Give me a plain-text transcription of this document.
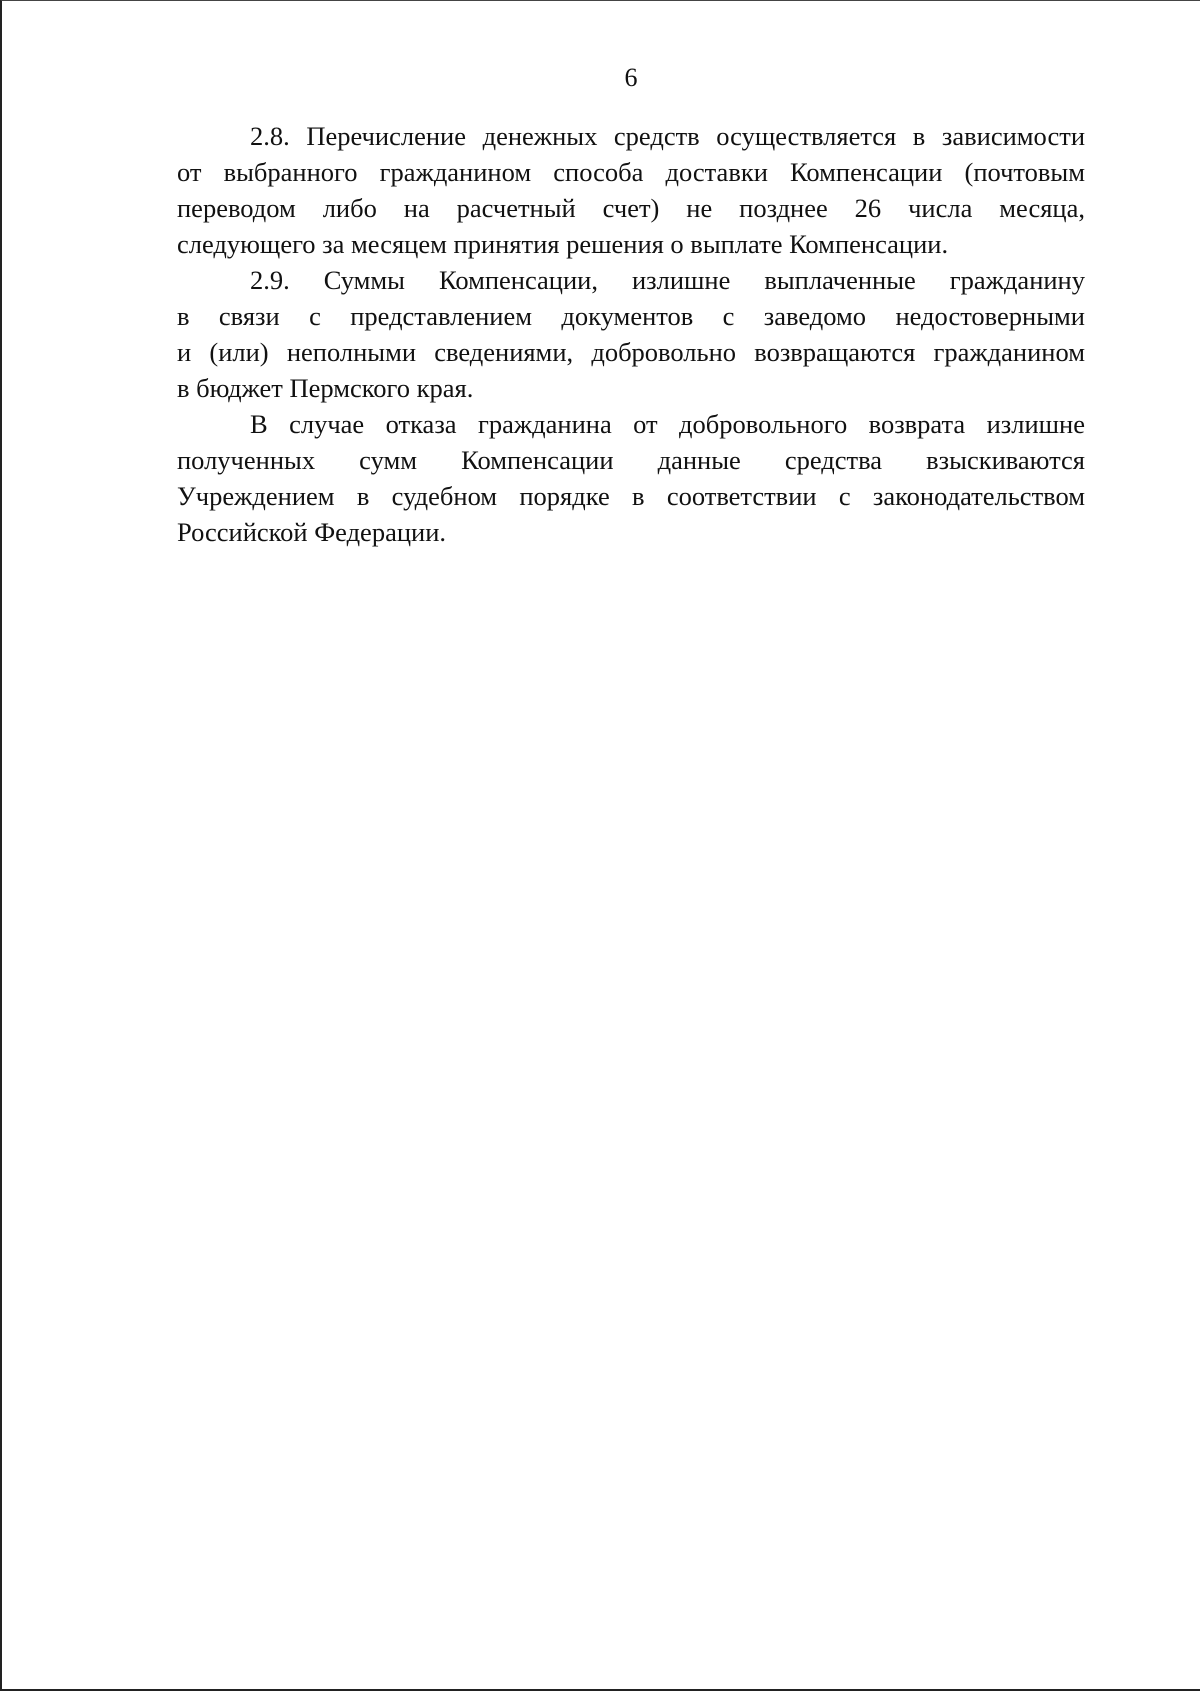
6
2.8. Перечисление денежных средств осуществляется в зависимости
от выбранного гражданином способа доставки Компенсации (почтовым
переводом либо на расчетный счет) не позднее 26 числа месяца,
следующего за месяцем принятия решения о выплате Компенсации.
2.9. Суммы Компенсации, излишне выплаченные гражданину
в связи с представлением документов с заведомо недостоверными
и (или) неполными сведениями, добровольно возвращаются гражданином
в бюджет Пермского края.
В случае отказа гражданина от добровольного возврата излишне
полученных сумм Компенсации данные средства взыскиваются
Учреждением в судебном порядке в соответствии с законодательством
Российской Федерации.
